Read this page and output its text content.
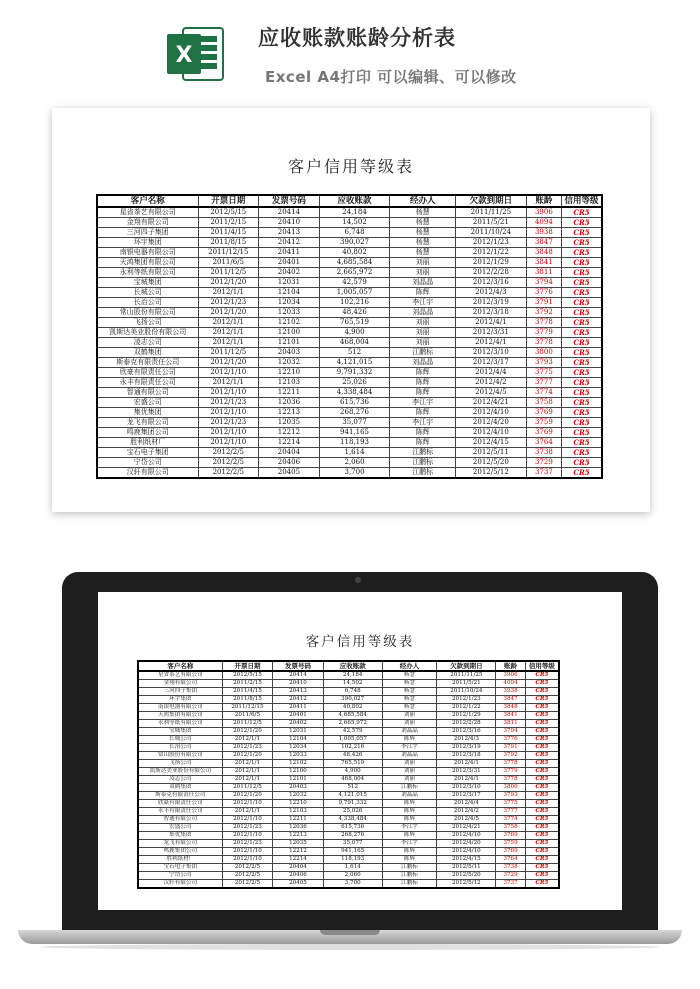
X
应收账款账龄分析表
Excel A4打印 可以编辑、可以修改
客户信用等级表
客户名称	开票日期	发票号码	应收账款	经办人	欠款到期日	账龄	信用等级
星省茶艺有限公司	2012/5/15	20414	24,184	杨慧	2011/11/25	3906	CR5
金翔有限公司	2011/2/15	20410	14,502	杨慧	2011/5/21	4094	CR5
三河四子集团	2011/4/15	20413	6,748	杨慧	2011/10/24	3938	CR5
环宇集团	2011/8/15	20412	390,027	杨慧	2012/1/23	3847	CR5
南银电器有限公司	2011/12/15	20411	40,802	杨慧	2012/1/22	3848	CR5
天鸿集团有限公司	2011/6/5	20401	4,685,584	刘丽	2012/1/29	3841	CR5
永利等纸有限公司	2011/12/5	20402	2,665,972	刘丽	2012/2/28	3811	CR5
宝城集团	2012/1/20	12031	42,579	刘晶晶	2012/3/16	3794	CR5
长城公司	2012/1/1	12104	1,005,057	陈辉	2012/4/3	3776	CR5
长治公司	2012/1/23	12034	102,216	李江宇	2012/3/19	3791	CR5
常山股份有限公司	2012/1/20	12033	48,426	刘晶晶	2012/3/18	3792	CR5
飞扬公司	2012/1/1	12102	765,519	刘丽	2012/4/1	3778	CR5
凯斯达美业股份有限公司	2012/1/1	12100	4,900	刘丽	2012/3/31	3779	CR5
凌志公司	2012/1/1	12101	468,004	刘丽	2012/4/1	3778	CR5
双鹤集团	2011/12/5	20403	512	江鹏标	2012/3/10	3800	CR5
斯泰克有限责任公司	2012/1/20	12032	4,121,015	刘晶晶	2012/3/17	3793	CR5
欣豪有限责任公司	2012/1/10	12210	9,791,332	陈辉	2012/4/4	3775	CR5
永丰有限责任公司	2012/1/1	12103	25,026	陈辉	2012/4/2	3777	CR5
智通有限公司	2012/1/10	12211	4,338,484	陈辉	2012/4/5	3774	CR5
宏盛公司	2012/1/23	12036	615,736	李江宇	2012/4/21	3758	CR5
集优集团	2012/1/10	12213	268,276	陈辉	2012/4/10	3769	CR5
龙飞有限公司	2012/1/23	12035	35,077	李江宇	2012/4/20	3759	CR5
鸣鹿集团公司	2012/1/10	12212	941,165	陈辉	2012/4/10	3769	CR5
胜利纸材厂	2012/1/10	12214	118,193	陈辉	2012/4/15	3764	CR5
宝石电子集团	2012/2/5	20404	1,614	江鹏标	2012/5/11	3738	CR5
宁岱公司	2012/2/5	20406	2,060	江鹏标	2012/5/20	3729	CR5
汉轩有限公司	2012/2/5	20405	3,700	江鹏标	2012/5/12	3737	CR5
客户信用等级表
客户名称	开票日期	发票号码	应收账款	经办人	欠款到期日	账龄	信用等级
星省茶艺有限公司	2012/5/15	20414	24,184	杨慧	2011/11/25	3906	CR5
金翔有限公司	2011/2/15	20410	14,502	杨慧	2011/5/21	4094	CR5
三河四子集团	2011/4/15	20413	6,748	杨慧	2011/10/24	3938	CR5
环宇集团	2011/8/15	20412	390,027	杨慧	2012/1/23	3847	CR5
南银电器有限公司	2011/12/15	20411	40,802	杨慧	2012/1/22	3848	CR5
天鸿集团有限公司	2011/6/5	20401	4,685,584	刘丽	2012/1/29	3841	CR5
永利等纸有限公司	2011/12/5	20402	2,665,972	刘丽	2012/2/28	3811	CR5
宝城集团	2012/1/20	12031	42,579	刘晶晶	2012/3/16	3794	CR5
长城公司	2012/1/1	12104	1,005,057	陈辉	2012/4/3	3776	CR5
长治公司	2012/1/23	12034	102,216	李江宇	2012/3/19	3791	CR5
常山股份有限公司	2012/1/20	12033	48,426	刘晶晶	2012/3/18	3792	CR5
飞扬公司	2012/1/1	12102	765,519	刘丽	2012/4/1	3778	CR5
凯斯达美业股份有限公司	2012/1/1	12100	4,900	刘丽	2012/3/31	3779	CR5
凌志公司	2012/1/1	12101	468,004	刘丽	2012/4/1	3778	CR5
双鹤集团	2011/12/5	20403	512	江鹏标	2012/3/10	3800	CR5
斯泰克有限责任公司	2012/1/20	12032	4,121,015	刘晶晶	2012/3/17	3793	CR5
欣豪有限责任公司	2012/1/10	12210	9,791,332	陈辉	2012/4/4	3775	CR5
永丰有限责任公司	2012/1/1	12103	25,026	陈辉	2012/4/2	3777	CR5
智通有限公司	2012/1/10	12211	4,338,484	陈辉	2012/4/5	3774	CR5
宏盛公司	2012/1/23	12036	615,736	李江宇	2012/4/21	3758	CR5
集优集团	2012/1/10	12213	268,276	陈辉	2012/4/10	3769	CR5
龙飞有限公司	2012/1/23	12035	35,077	李江宇	2012/4/20	3759	CR5
鸣鹿集团公司	2012/1/10	12212	941,165	陈辉	2012/4/10	3769	CR5
胜利纸材厂	2012/1/10	12214	118,193	陈辉	2012/4/15	3764	CR5
宝石电子集团	2012/2/5	20404	1,614	江鹏标	2012/5/11	3738	CR5
宁岱公司	2012/2/5	20406	2,060	江鹏标	2012/5/20	3729	CR5
汉轩有限公司	2012/2/5	20405	3,700	江鹏标	2012/5/12	3737	CR5
蒂鸟图库
